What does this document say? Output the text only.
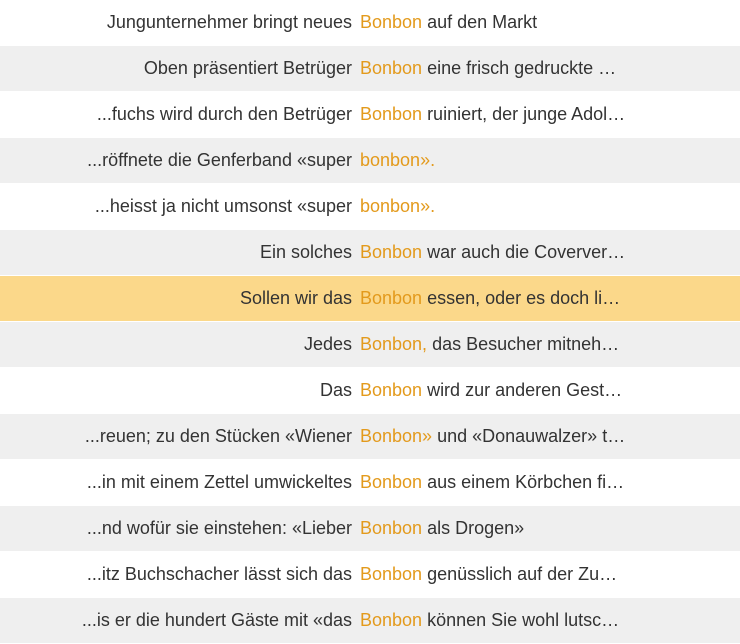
Jungunternehmer bringt neues Bonbon auf den Markt
Oben präsentiert Betrüger Bonbon eine frisch gedruckte …
...fuchs wird durch den Betrüger Bonbon ruiniert, der junge Adol…
...röffnete die Genferband «super bonbon».
...heisst ja nicht umsonst «super bonbon».
Ein solches Bonbon war auch die Coverver…
Sollen wir das Bonbon essen, oder es doch li…
Jedes Bonbon, das Besucher mitneh…
Das Bonbon wird zur anderen Gest…
...reuen; zu den Stücken «Wiener Bonbon» und «Donauwalzer» t…
...in mit einem Zettel umwickeltes Bonbon aus einem Körbchen fi…
...nd wofür sie einstehen: «Lieber Bonbon als Drogen»
...itz Buchschacher lässt sich das Bonbon genüsslich auf der Zu…
...is er die hundert Gäste mit «das Bonbon können Sie wohl lutsc…
